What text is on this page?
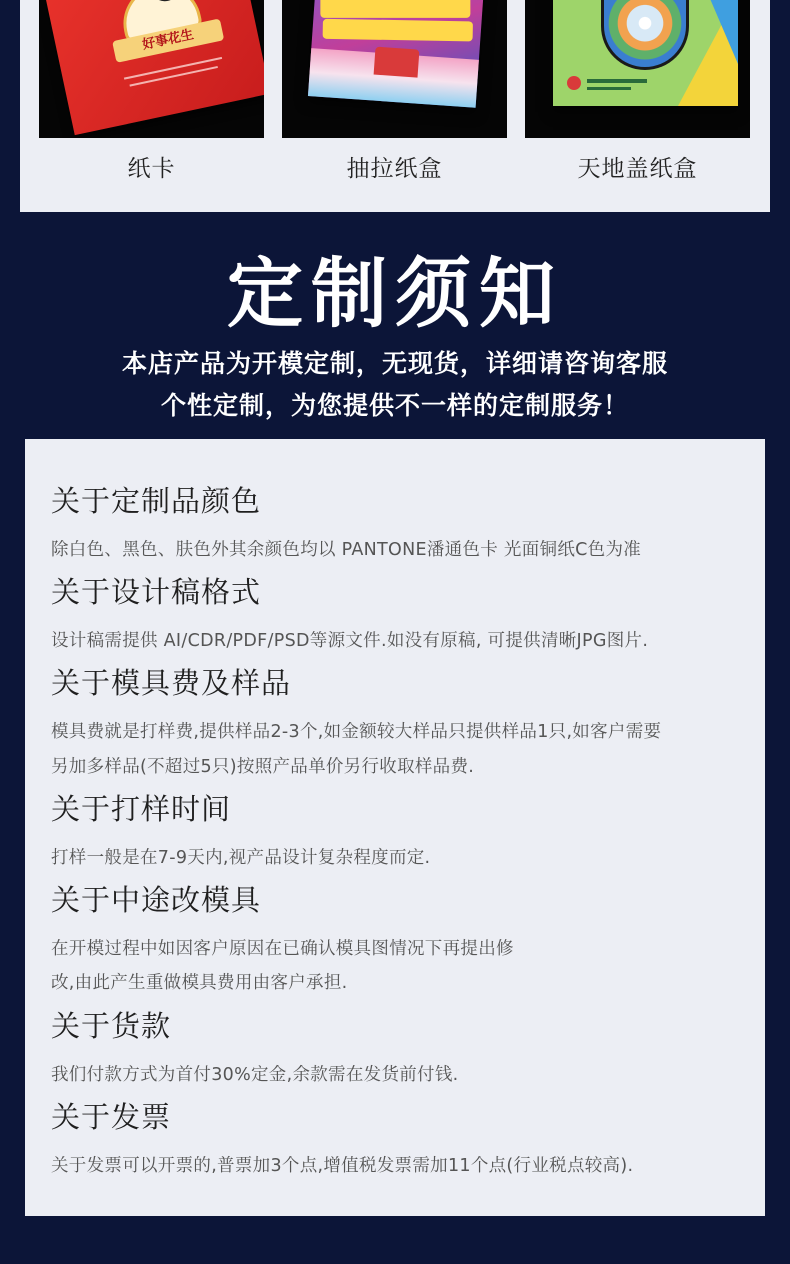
好事花生
纸卡	抽拉纸盒	天地盖纸盒
定制须知
本店产品为开模定制，无现货，详细请咨询客服
个性定制，为您提供不一样的定制服务！
关于定制品颜色
除白色、黑色、肤色外其余颜色均以 PANTONE潘通色卡 光面铜纸C色为准
关于设计稿格式
设计稿需提供 AI/CDR/PDF/PSD等源文件.如没有原稿, 可提供清晰JPG图片.
关于模具费及样品
模具费就是打样费,提供样品2-3个,如金额较大样品只提供样品1只,如客户需要
另加多样品(不超过5只)按照产品单价另行收取样品费.
关于打样时间
打样一般是在7-9天内,视产品设计复杂程度而定.
关于中途改模具
在开模过程中如因客户原因在已确认模具图情况下再提出修
改,由此产生重做模具费用由客户承担.
关于货款
我们付款方式为首付30%定金,余款需在发货前付钱.
关于发票
关于发票可以开票的,普票加3个点,增值税发票需加11个点(行业税点较高).
